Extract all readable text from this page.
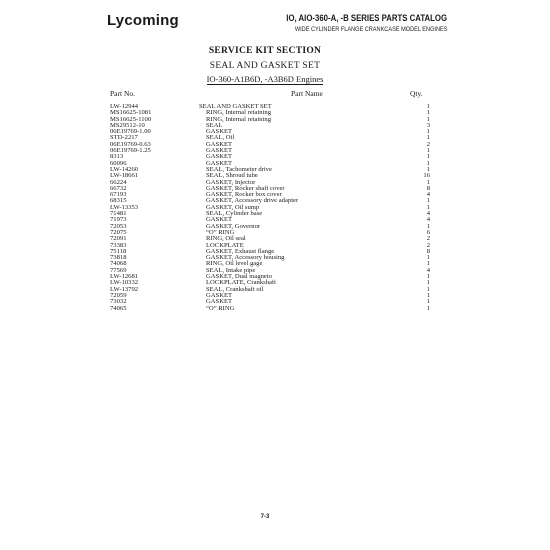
Lycoming	IO, AIO-360-A, -B SERIES PARTS CATALOG
WIDE CYLINDER FLANGE CRANKCASE MODEL ENGINES
SERVICE KIT SECTION
SEAL AND GASKET SET
IO-360-A1B6D, -A3B6D Engines
Part No.	Part Name	Qty.
LW-12944	SEAL AND GASKET SET	1
MS16625-1081	RING, Internal retaining	1
MS16625-1100	RING, Internal retaining	1
MS29512-10	SEAL	3
06E19769-1.00	GASKET	1
STD-2217	SEAL, Oil	1
06E19769-0.63	GASKET	2
06E19769-1.25	GASKET	1
8313	GASKET	1
60096	GASKET	1
LW-14260	SEAL, Tachometer drive	1
LW-18661	SEAL, Shroud tube	16
66224	GASKET, Injector	1
66732	GASKET, Rocker shaft cover	8
67193	GASKET, Rocker box cover	4
68315	GASKET, Accessory drive adapter	1
LW-13353	GASKET, Oil sump	1
71481	SEAL, Cylinder base	4
71973	GASKET	4
72053	GASKET, Governor	1
72075	“O” RING	6
72091	RING, Oil seal	2
73383	LOCKPLATE	2
75118	GASKET, Exhaust flange	8
73818	GASKET, Accessory housing	1
74068	RING, Oil level gage	1
77569	SEAL, Intake pipe	4
LW-12681	GASKET, Dual magneto	1
LW-10332	LOCKPLATE, Crankshaft	1
LW-13792	SEAL, Crankshaft oil	1
72059	GASKET	1
73032	GASKET	1
74065	“O” RING	1
7-3
